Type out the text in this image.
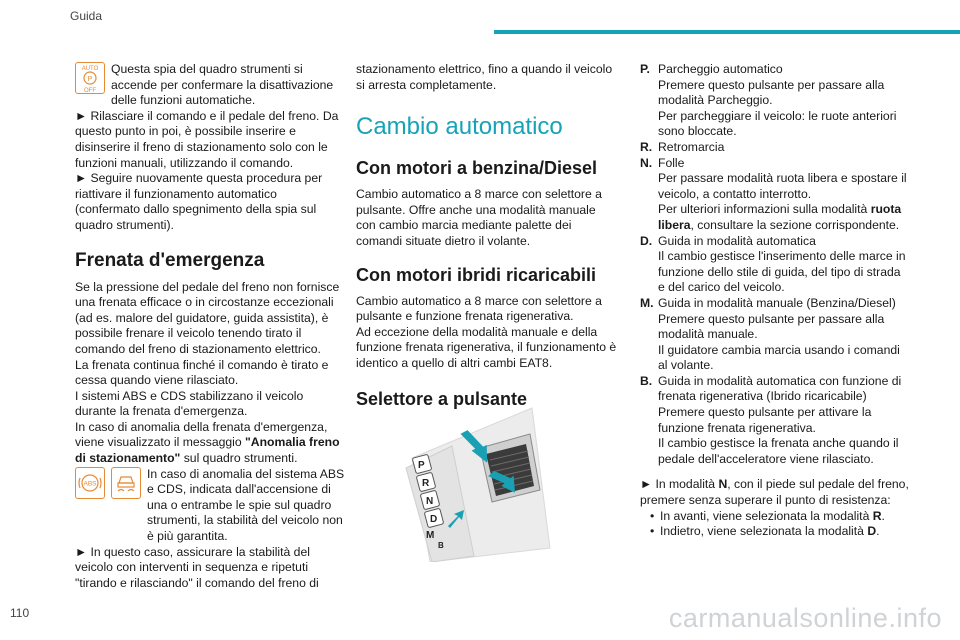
Guida
AUTO
P
OFF
Questa spia del quadro strumenti si accende per confermare la disattivazione delle funzioni automatiche.
► Rilasciare il comando e il pedale del freno. Da questo punto in poi, è possibile inserire e disinserire il freno di stazionamento solo con le funzioni manuali, utilizzando il comando.
► Seguire nuovamente questa procedura per riattivare il funzionamento automatico (confermato dallo spegnimento della spia sul quadro strumenti).
Frenata d'emergenza
Se la pressione del pedale del freno non fornisce una frenata efficace o in circostanze eccezionali (ad es. malore del guidatore, guida assistita), è possibile frenare il veicolo tenendo tirato il comando del freno di stazionamento elettrico.
La frenata continua finché il comando è tirato e cessa quando viene rilasciato.
I sistemi ABS e CDS stabilizzano il veicolo durante la frenata d'emergenza.
In caso di anomalia della frenata d'emergenza, viene visualizzato il messaggio "Anomalia freno di stazionamento" sul quadro strumenti.
ABS
In caso di anomalia del sistema ABS e CDS, indicata dall'accensione di una o entrambe le spie sul quadro strumenti, la stabilità del veicolo non è più garantita.
► In questo caso, assicurare la stabilità del veicolo con interventi in sequenza e ripetuti "tirando e rilasciando" il comando del freno di
stazionamento elettrico, fino a quando il veicolo si arresta completamente.
Cambio automatico
Con motori a benzina/Diesel
Cambio automatico a 8 marce con selettore a pulsante. Offre anche una modalità manuale con cambio marcia mediante palette dei comandi situate dietro il volante.
Con motori ibridi ricaricabili
Cambio automatico a 8 marce con selettore a pulsante e funzione frenata rigenerativa.
Ad eccezione della modalità manuale e della funzione frenata rigenerativa, il funzionamento è identico a quello di altri cambi EAT8.
Selettore a pulsante
P
R
N
D
M
B
P. Parcheggio automatico
Premere questo pulsante per passare alla modalità Parcheggio.
Per parcheggiare il veicolo: le ruote anteriori sono bloccate.
R. Retromarcia
N. Folle
Per passare modalità ruota libera e spostare il veicolo, a contatto interrotto.
Per ulteriori informazioni sulla modalità ruota libera, consultare la sezione corrispondente.
D. Guida in modalità automatica
Il cambio gestisce l'inserimento delle marce in funzione dello stile di guida, del tipo di strada e del carico del veicolo.
M. Guida in modalità manuale (Benzina/Diesel)
Premere questo pulsante per passare alla modalità manuale.
Il guidatore cambia marcia usando i comandi al volante.
B. Guida in modalità automatica con funzione di frenata rigenerativa (Ibrido ricaricabile)
Premere questo pulsante per attivare la funzione frenata rigenerativa.
Il cambio gestisce la frenata anche quando il pedale dell'acceleratore viene rilasciato.
► In modalità N, con il piede sul pedale del freno, premere senza superare il punto di resistenza:
• In avanti, viene selezionata la modalità R.
• Indietro, viene selezionata la modalità D.
110	carmanualsonline.info
